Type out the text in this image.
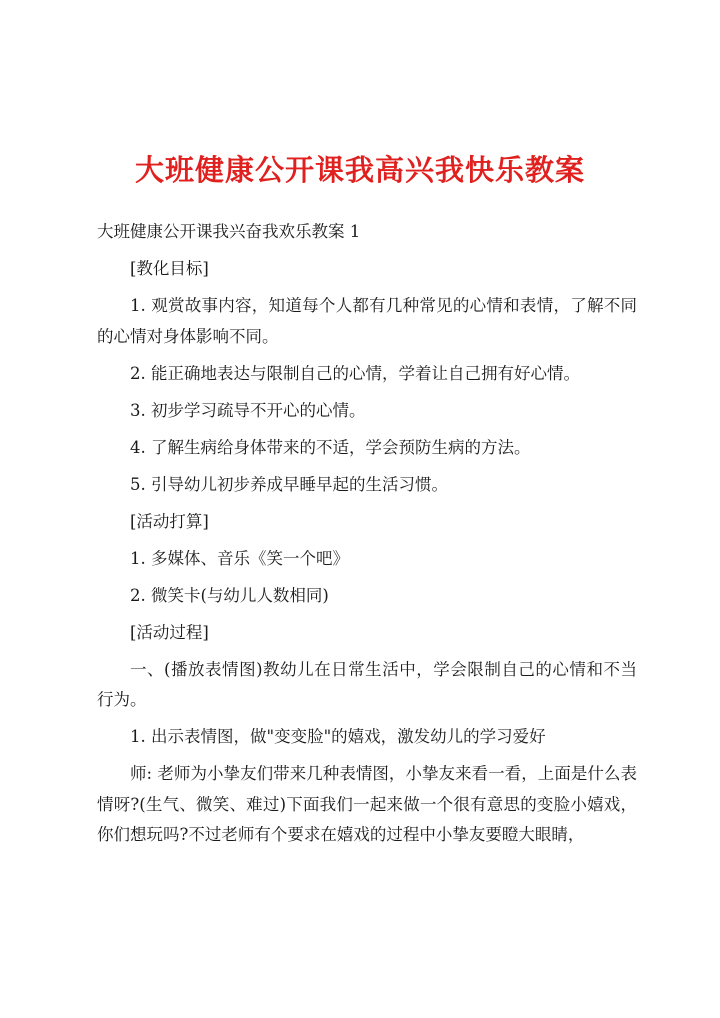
大班健康公开课我高兴我快乐教案

大班健康公开课我兴奋我欢乐教案 1

[教化目标]

1. 观赏故事内容，知道每个人都有几种常见的心情和表情，了解不同的心情对身体影响不同。

2. 能正确地表达与限制自己的心情，学着让自己拥有好心情。

3. 初步学习疏导不开心的心情。

4. 了解生病给身体带来的不适，学会预防生病的方法。

5. 引导幼儿初步养成早睡早起的生活习惯。

[活动打算]

1. 多媒体、音乐《笑一个吧》

2. 微笑卡(与幼儿人数相同)

[活动过程]

一、(播放表情图)教幼儿在日常生活中，学会限制自己的心情和不当行为。

1. 出示表情图，做"变变脸"的嬉戏，激发幼儿的学习爱好

师: 老师为小挚友们带来几种表情图，小挚友来看一看，上面是什么表情呀?(生气、微笑、难过)下面我们一起来做一个很有意思的变脸小嬉戏，你们想玩吗?不过老师有个要求在嬉戏的过程中小挚友要瞪大眼睛，
